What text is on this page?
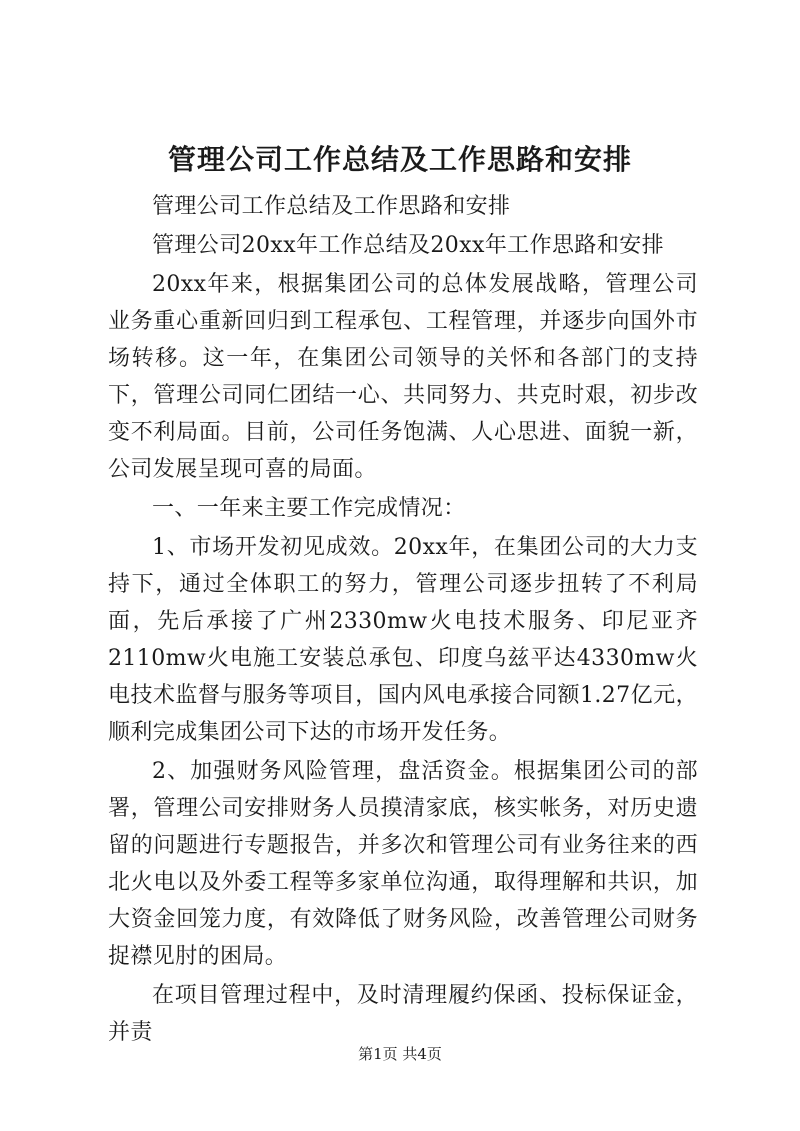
管理公司工作总结及工作思路和安排

管理公司工作总结及工作思路和安排

管理公司20xx年工作总结及20xx年工作思路和安排

20xx年来，根据集团公司的总体发展战略，管理公司业务重心重新回归到工程承包、工程管理，并逐步向国外市场转移。这一年，在集团公司领导的关怀和各部门的支持下，管理公司同仁团结一心、共同努力、共克时艰，初步改变不利局面。目前，公司任务饱满、人心思进、面貌一新，公司发展呈现可喜的局面。

一、一年来主要工作完成情况：

1、市场开发初见成效。20xx年，在集团公司的大力支持下，通过全体职工的努力，管理公司逐步扭转了不利局面，先后承接了广州2330mw火电技术服务、印尼亚齐2110mw火电施工安装总承包、印度乌兹平达4330mw火电技术监督与服务等项目，国内风电承接合同额1.27亿元，顺利完成集团公司下达的市场开发任务。

2、加强财务风险管理，盘活资金。根据集团公司的部署，管理公司安排财务人员摸清家底，核实帐务，对历史遗留的问题进行专题报告，并多次和管理公司有业务往来的西北火电以及外委工程等多家单位沟通，取得理解和共识，加大资金回笼力度，有效降低了财务风险，改善管理公司财务捉襟见肘的困局。

在项目管理过程中，及时清理履约保函、投标保证金，并责

第1页 共4页
